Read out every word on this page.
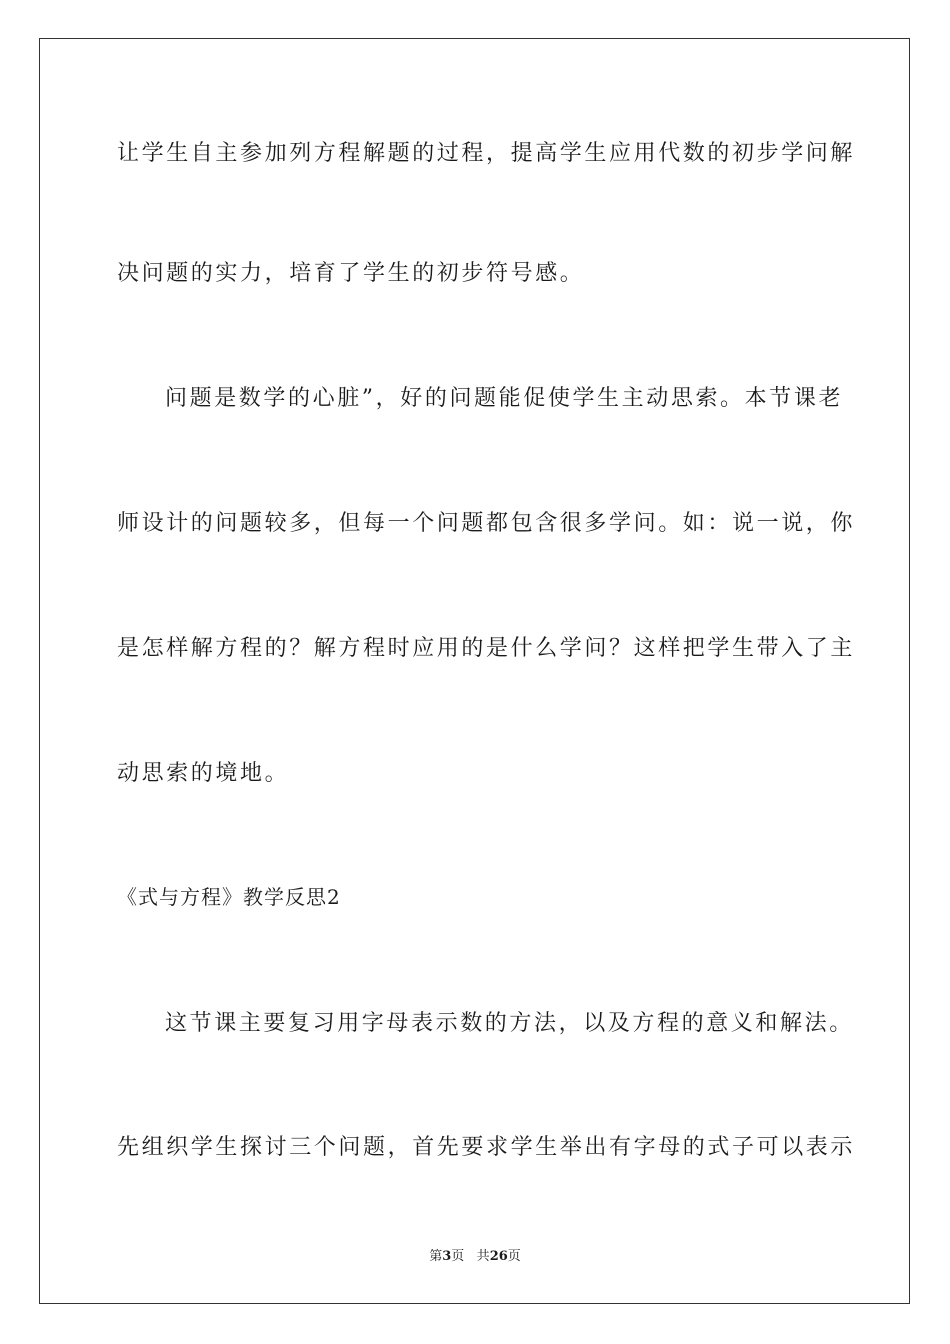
让学生自主参加列方程解题的过程，提高学生应用代数的初步学问解
决问题的实力，培育了学生的初步符号感。
问题是数学的心脏”，好的问题能促使学生主动思索。本节课老
师设计的问题较多，但每一个问题都包含很多学问。如：说一说，你
是怎样解方程的？解方程时应用的是什么学问？这样把学生带入了主
动思索的境地。
《式与方程》教学反思2
这节课主要复习用字母表示数的方法，以及方程的意义和解法。
先组织学生探讨三个问题，首先要求学生举出有字母的式子可以表示
第3页 共26页
